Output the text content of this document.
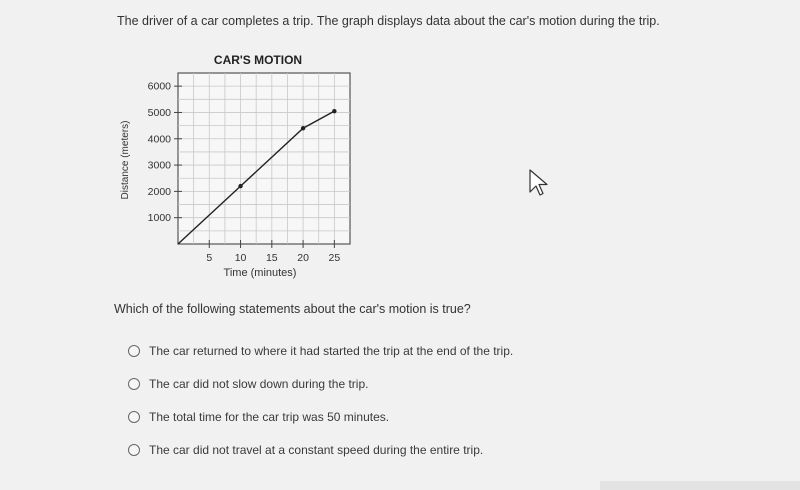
The driver of a car completes a trip. The graph displays data about the car's motion during the trip.
CAR'S MOTION
5 10 15 20 25
1000
2000
3000
4000
5000
6000
Time (minutes)
Distance (meters)
Which of the following statements about the car's motion is true?
The car returned to where it had started the trip at the end of the trip.
The car did not slow down during the trip.
The total time for the car trip was 50 minutes.
The car did not travel at a constant speed during the entire trip.
